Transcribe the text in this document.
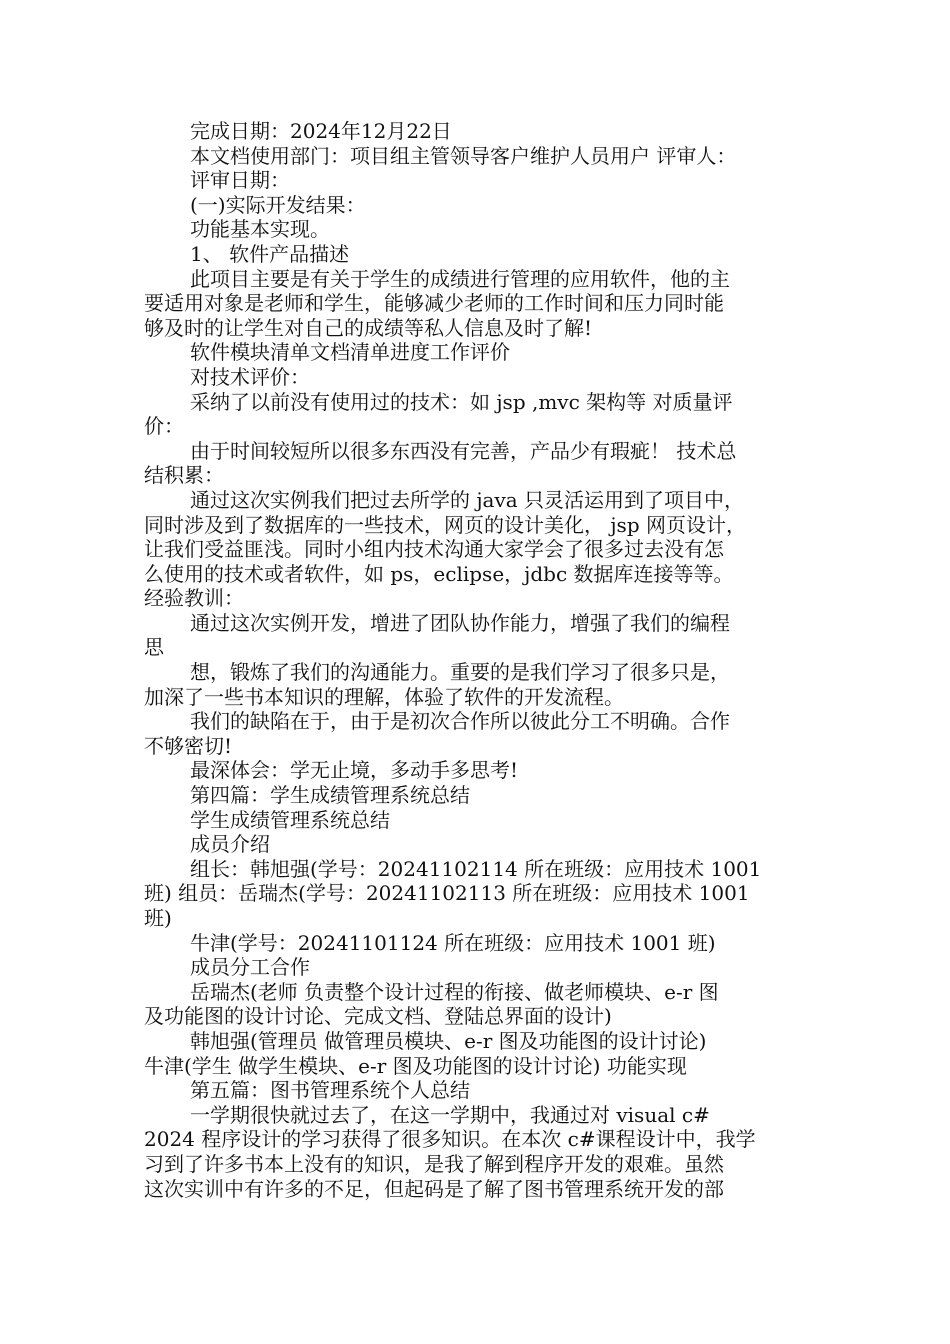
完成日期：2024年12月22日
本文档使用部门：项目组主管领导客户维护人员用户 评审人：
评审日期：
(一)实际开发结果：
功能基本实现。
1、 软件产品描述
此项目主要是有关于学生的成绩进行管理的应用软件，他的主
要适用对象是老师和学生，能够减少老师的工作时间和压力同时能
够及时的让学生对自己的成绩等私人信息及时了解!
软件模块清单文档清单进度工作评价
对技术评价：
采纳了以前没有使用过的技术：如 jsp ,mvc 架构等 对质量评
价：
由于时间较短所以很多东西没有完善，产品少有瑕疵！ 技术总
结积累：
通过这次实例我们把过去所学的 java 只灵活运用到了项目中，
同时涉及到了数据库的一些技术，网页的设计美化， jsp 网页设计，
让我们受益匪浅。同时小组内技术沟通大家学会了很多过去没有怎
么使用的技术或者软件，如 ps，eclipse，jdbc 数据库连接等等。
经验教训：
通过这次实例开发，增进了团队协作能力，增强了我们的编程
思
想，锻炼了我们的沟通能力。重要的是我们学习了很多只是，
加深了一些书本知识的理解，体验了软件的开发流程。
我们的缺陷在于，由于是初次合作所以彼此分工不明确。合作
不够密切!
最深体会：学无止境，多动手多思考!
第四篇：学生成绩管理系统总结
学生成绩管理系统总结
成员介绍
组长：韩旭强(学号：20241102114 所在班级：应用技术 1001
班) 组员：岳瑞杰(学号：20241102113 所在班级：应用技术 1001
班)
牛津(学号：20241101124 所在班级：应用技术 1001 班)
成员分工合作
岳瑞杰(老师 负责整个设计过程的衔接、做老师模块、e-r 图
及功能图的设计讨论、完成文档、登陆总界面的设计)
韩旭强(管理员 做管理员模块、e-r 图及功能图的设计讨论)
牛津(学生 做学生模块、e-r 图及功能图的设计讨论) 功能实现
第五篇：图书管理系统个人总结
一学期很快就过去了，在这一学期中，我通过对 visual c#
2024 程序设计的学习获得了很多知识。在本次 c#课程设计中，我学
习到了许多书本上没有的知识，是我了解到程序开发的艰难。虽然
这次实训中有许多的不足，但起码是了解了图书管理系统开发的部
